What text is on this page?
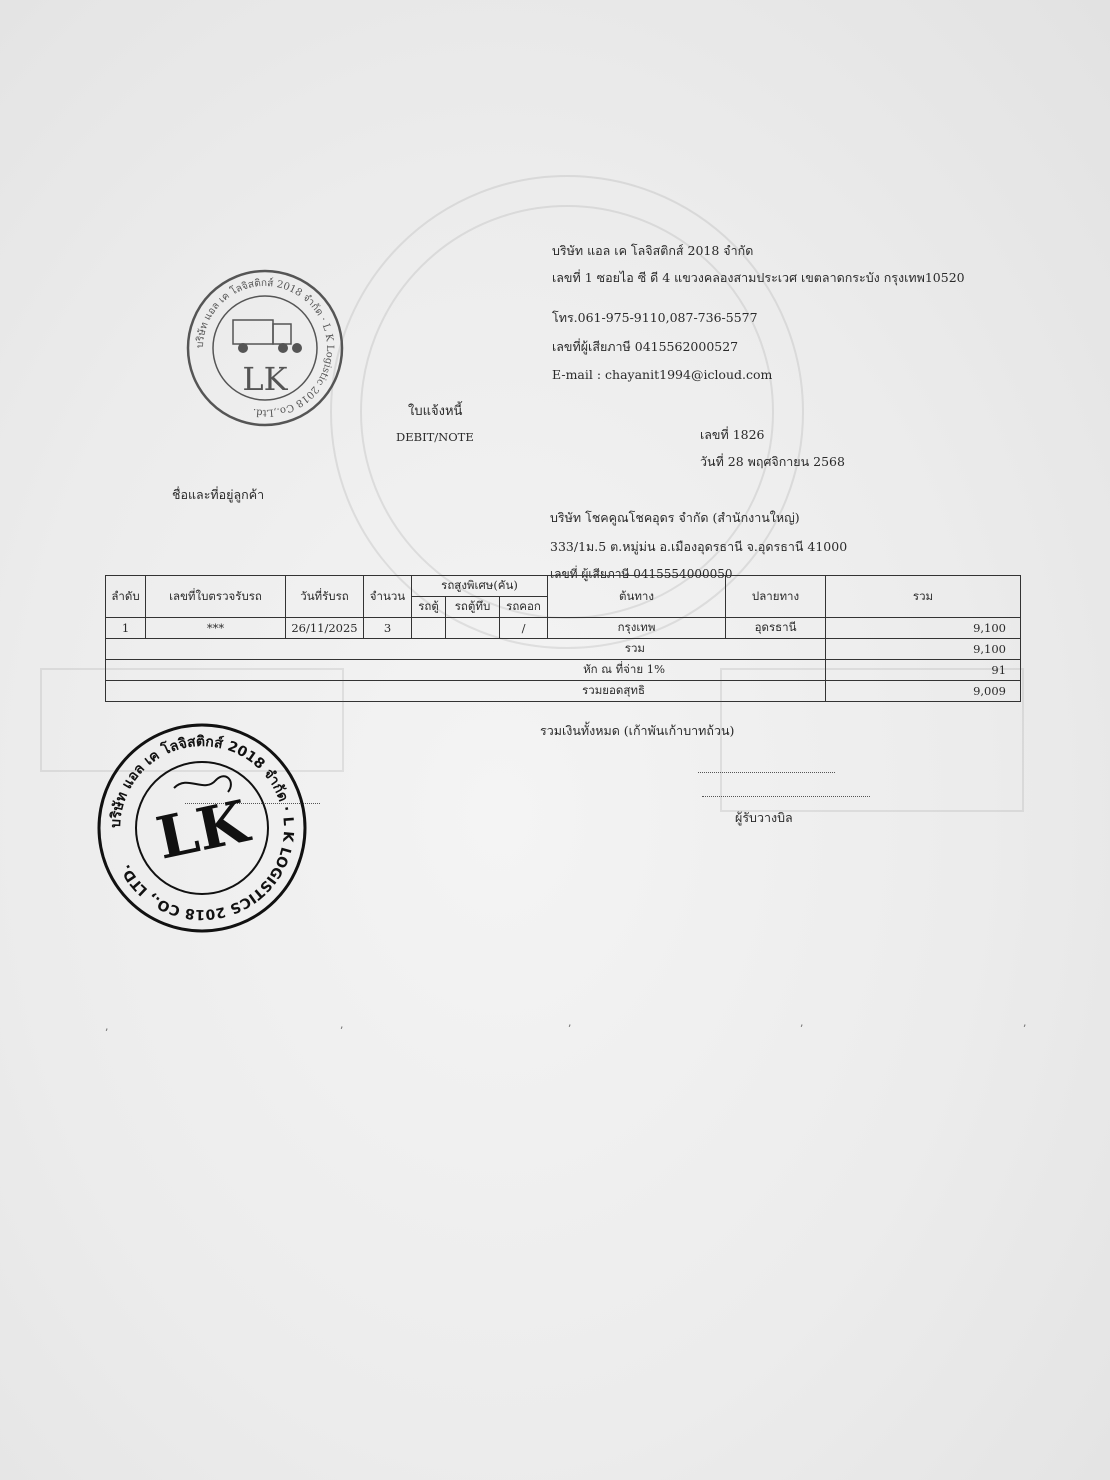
บริษัท แอล เค โลจิสติกส์ 2018 จำกัด · L K Logistic 2018 Co.,Ltd.
LK
บริษัท แอล เค โลจิสติกส์ 2018 จำกัด
เลขที่ 1 ซอยไอ ซี ดี 4 แขวงคลองสามประเวศ เขตลาดกระบัง กรุงเทพ10520
โทร.061-975-9110,087-736-5577
เลขที่ผู้เสียภาษี 0415562000527
E-mail : chayanit1994@icloud.com
ใบแจ้งหนี้
DEBIT/NOTE	เลขที่ 1826
วันที่ 28 พฤศจิกายน 2568
ชื่อและที่อยู่ลูกค้า
บริษัท โชคคูณโชคอุดร จำกัด (สำนักงานใหญ่)
333/1ม.5 ต.หมู่ม่น อ.เมืองอุดรธานี จ.อุดรธานี 41000
เลขที่ ผู้เสียภาษี 0415554000050
ลำดับ	เลขที่ใบตรวจรับรถ	วันที่รับรถ	จำนวน	รถสูงพิเศษ(คัน)			ต้นทาง	ปลายทาง	รวม
				รถตู้	รถตู้ทึบ	รถคอก			
1	***	26/11/2025	3			/	กรุงเทพ	อุดรธานี	9,100
รวม									9,100
หัก ณ ที่จ่าย 1%									91
รวมยอดสุทธิ									9,009
รวมเงินทั้งหมด (เก้าพันเก้าบาทถ้วน)
ผู้รับวางบิล
บริษัท แอล เค โลจิสติกส์ 2018 จำกัด · L K LOGISTICS 2018 CO., LTD. LK
’	’	’	’	’
